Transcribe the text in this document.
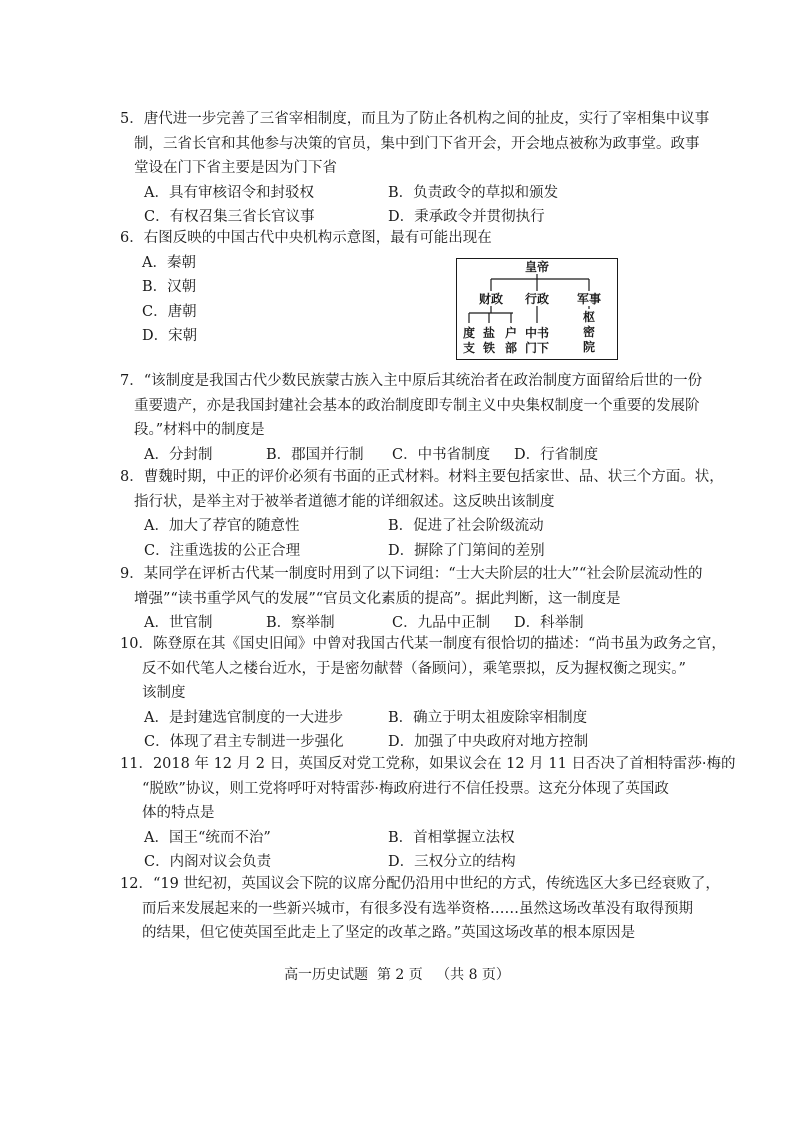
5．唐代进一步完善了三省宰相制度，而且为了防止各机构之间的扯皮，实行了宰相集中议事
制，三省长官和其他参与决策的官员，集中到门下省开会，开会地点被称为政事堂。政事
堂设在门下省主要是因为门下省
A．具有审核诏令和封驳权	B．负责政令的草拟和颁发
C．有权召集三省长官议事	D．秉承政令并贯彻执行
6．右图反映的中国古代中央机构示意图，最有可能出现在
A．秦朝
B．汉朝
C．唐朝
D．宋朝
皇帝
财政 行政 军事
度
支
盐
铁
户
部
中书
门下
枢
密
院
7．“该制度是我国古代少数民族蒙古族入主中原后其统治者在政治制度方面留给后世的一份
重要遗产，亦是我国封建社会基本的政治制度即专制主义中央集权制度一个重要的发展阶
段。”材料中的制度是
A．分封制	B．郡国并行制	C．中书省制度	D．行省制度
8．曹魏时期，中正的评价必须有书面的正式材料。材料主要包括家世、品、状三个方面。状，
指行状，是举主对于被举者道德才能的详细叙述。这反映出该制度
A．加大了荐官的随意性	B．促进了社会阶级流动
C．注重选拔的公正合理	D．摒除了门第间的差别
9．某同学在评析古代某一制度时用到了以下词组：“士大夫阶层的壮大”“社会阶层流动性的
增强”“读书重学风气的发展”“官员文化素质的提高”。据此判断，这一制度是
A．世官制	B．察举制	C．九品中正制	D．科举制
10．陈登原在其《国史旧闻》中曾对我国古代某一制度有很恰切的描述：“尚书虽为政务之官，
反不如代笔人之楼台近水，于是密勿献替（备顾问），乘笔票拟，反为握权衡之现实。”
该制度
A．是封建选官制度的一大进步	B．确立于明太祖废除宰相制度
C．体现了君主专制进一步强化	D．加强了中央政府对地方控制
11．2018 年 12 月 2 日，英国反对党工党称，如果议会在 12 月 11 日否决了首相特雷莎·梅的
“脱欧”协议，则工党将呼吁对特雷莎·梅政府进行不信任投票。这充分体现了英国政
体的特点是
A．国王“统而不治”	B．首相掌握立法权
C．内阁对议会负责	D．三权分立的结构
12．“19 世纪初，英国议会下院的议席分配仍沿用中世纪的方式，传统选区大多已经衰败了，
而后来发展起来的一些新兴城市，有很多没有选举资格……虽然这场改革没有取得预期
的结果，但它使英国至此走上了坚定的改革之路。”英国这场改革的根本原因是
高一历史试题  第 2 页   （共 8 页）
